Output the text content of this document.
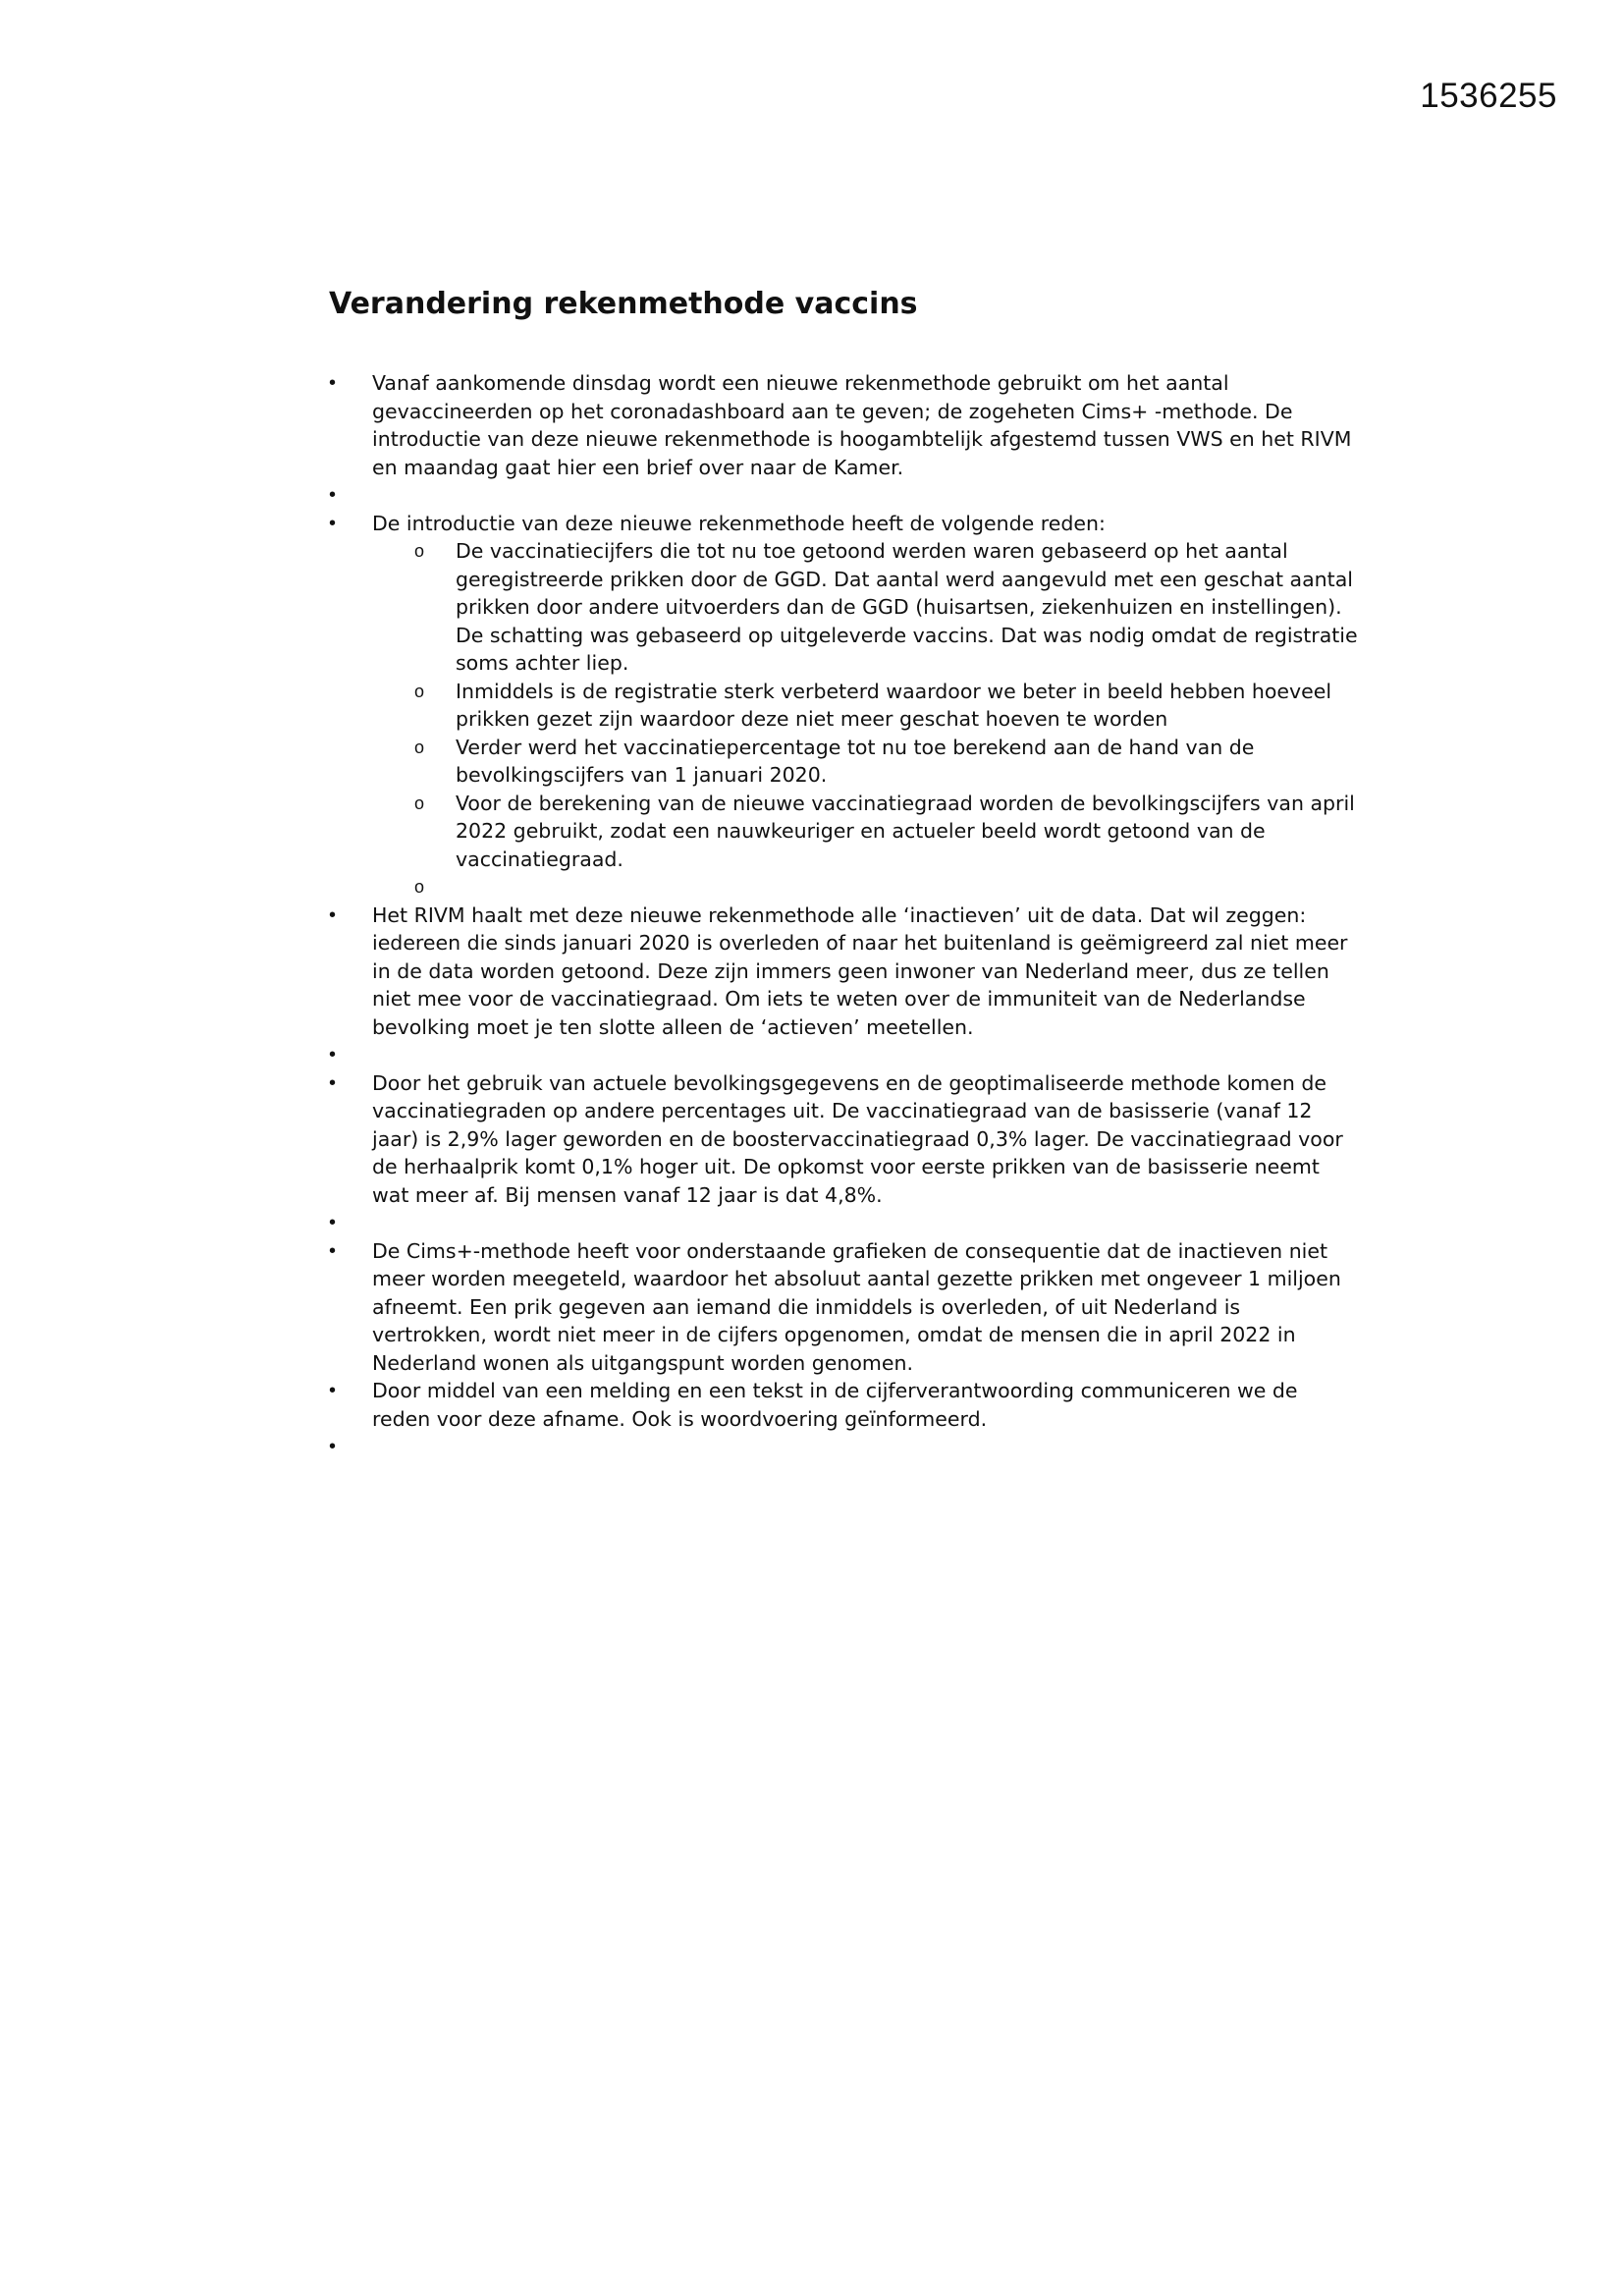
1536255
Verandering rekenmethode vaccins
• Vanaf aankomende dinsdag wordt een nieuwe rekenmethode gebruikt om het aantal gevaccineerden op het coronadashboard aan te geven; de zogeheten Cims+ -methode. De introductie van deze nieuwe rekenmethode is hoogambtelijk afgestemd tussen VWS en het RIVM en maandag gaat hier een brief over naar de Kamer.
•
• De introductie van deze nieuwe rekenmethode heeft de volgende reden:
o De vaccinatiecijfers die tot nu toe getoond werden waren gebaseerd op het aantal geregistreerde prikken door de GGD. Dat aantal werd aangevuld met een geschat aantal prikken door andere uitvoerders dan de GGD (huisartsen, ziekenhuizen en instellingen). De schatting was gebaseerd op uitgeleverde vaccins. Dat was nodig omdat de registratie soms achter liep.
o Inmiddels is de registratie sterk verbeterd waardoor we beter in beeld hebben hoeveel prikken gezet zijn waardoor deze niet meer geschat hoeven te worden
o Verder werd het vaccinatiepercentage tot nu toe berekend aan de hand van de bevolkingscijfers van 1 januari 2020.
o Voor de berekening van de nieuwe vaccinatiegraad worden de bevolkingscijfers van april 2022 gebruikt, zodat een nauwkeuriger en actueler beeld wordt getoond van de vaccinatiegraad.
o
• Het RIVM haalt met deze nieuwe rekenmethode alle ‘inactieven’ uit de data. Dat wil zeggen: iedereen die sinds januari 2020 is overleden of naar het buitenland is geëmigreerd zal niet meer in de data worden getoond. Deze zijn immers geen inwoner van Nederland meer, dus ze tellen niet mee voor de vaccinatiegraad. Om iets te weten over de immuniteit van de Nederlandse bevolking moet je ten slotte alleen de ‘actieven’ meetellen.
•
• Door het gebruik van actuele bevolkingsgegevens en de geoptimaliseerde methode komen de vaccinatiegraden op andere percentages uit. De vaccinatiegraad van de basisserie (vanaf 12 jaar) is 2,9% lager geworden en de boostervaccinatiegraad 0,3% lager. De vaccinatiegraad voor de herhaalprik komt 0,1% hoger uit. De opkomst voor eerste prikken van de basisserie neemt wat meer af. Bij mensen vanaf 12 jaar is dat 4,8%.
•
• De Cims+-methode heeft voor onderstaande grafieken de consequentie dat de inactieven niet meer worden meegeteld, waardoor het absoluut aantal gezette prikken met ongeveer 1 miljoen afneemt. Een prik gegeven aan iemand die inmiddels is overleden, of uit Nederland is vertrokken, wordt niet meer in de cijfers opgenomen, omdat de mensen die in april 2022 in Nederland wonen als uitgangspunt worden genomen.
• Door middel van een melding en een tekst in de cijferverantwoording communiceren we de reden voor deze afname. Ook is woordvoering geïnformeerd.
•
